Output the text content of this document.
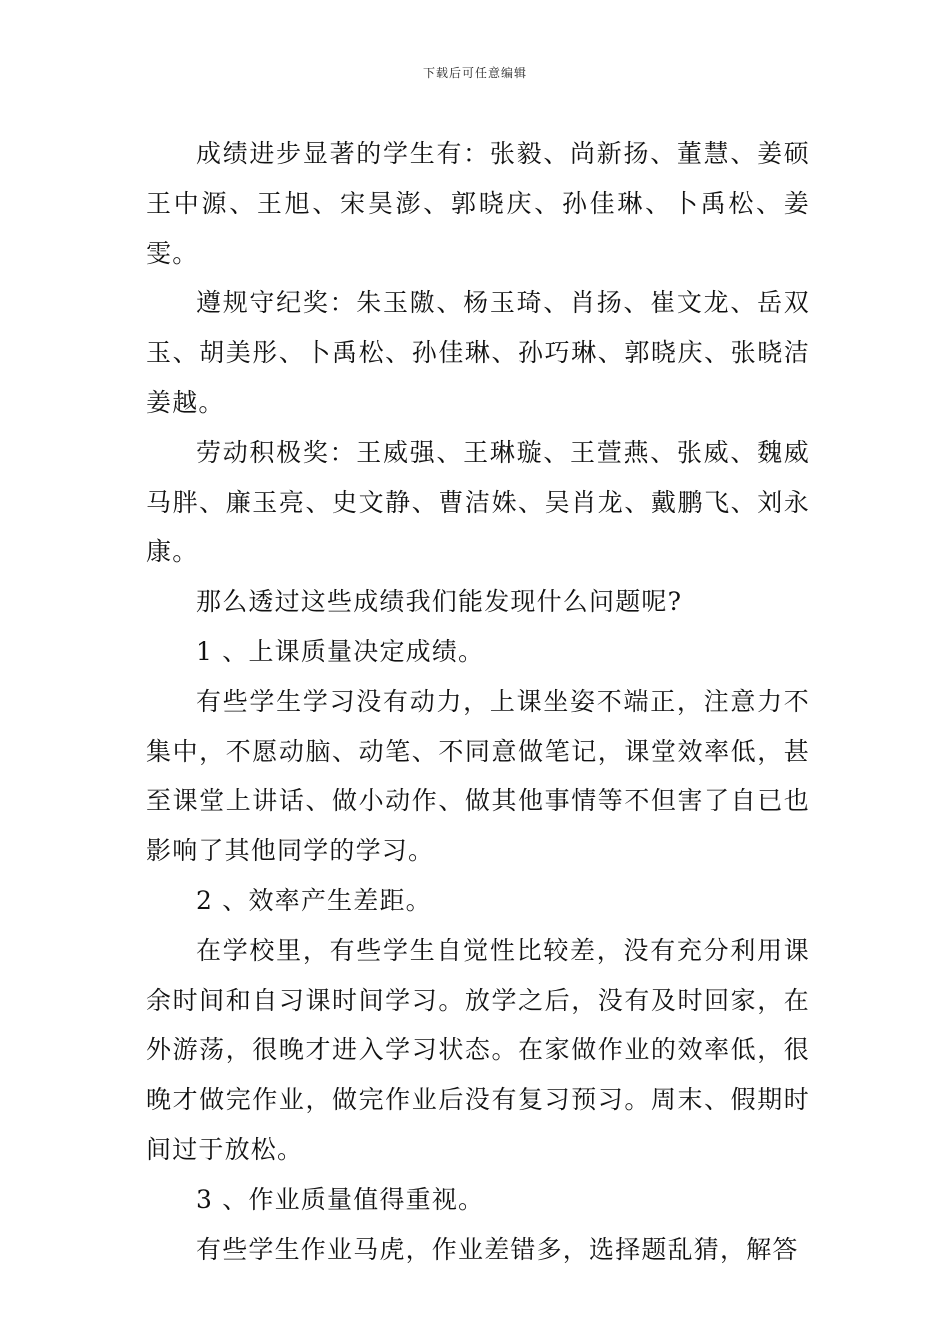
下载后可任意编辑

成绩进步显著的学生有：张毅、尚新扬、董慧、姜硕王中源、王旭、宋昊澎、郭晓庆、孙佳琳、卜禹松、姜雯。

遵规守纪奖：朱玉隞、杨玉琦、肖扬、崔文龙、岳双玉、胡美彤、卜禹松、孙佳琳、孙巧琳、郭晓庆、张晓洁姜越。

劳动积极奖：王威强、王琳璇、王萱燕、张威、魏威马胖、廉玉亮、史文静、曹洁姝、吴肖龙、戴鹏飞、刘永康。

那么透过这些成绩我们能发现什么问题呢?

1 、上课质量决定成绩。

有些学生学习没有动力，上课坐姿不端正，注意力不集中，不愿动脑、动笔、不同意做笔记，课堂效率低，甚至课堂上讲话、做小动作、做其他事情等不但害了自已也影响了其他同学的学习。

2 、效率产生差距。

在学校里，有些学生自觉性比较差，没有充分利用课余时间和自习课时间学习。放学之后，没有及时回家，在外游荡，很晚才进入学习状态。在家做作业的效率低，很晚才做完作业，做完作业后没有复习预习。周末、假期时间过于放松。

3 、作业质量值得重视。

有些学生作业马虎，作业差错多，选择题乱猜，解答
